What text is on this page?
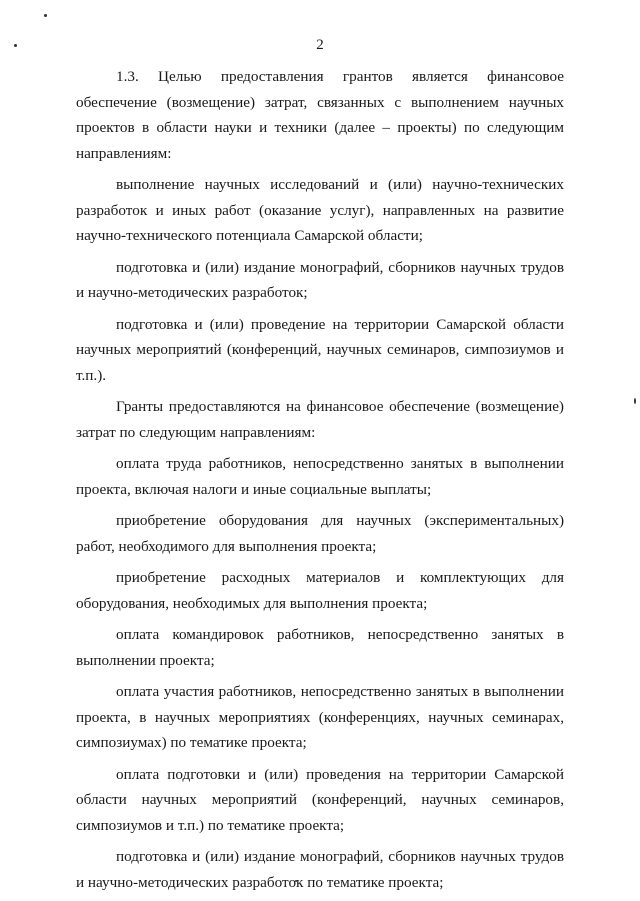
2

1.3. Целью предоставления грантов является финансовое обеспечение (возмещение) затрат, связанных с выполнением научных проектов в области науки и техники (далее – проекты) по следующим направлениям:

выполнение научных исследований и (или) научно-технических разработок и иных работ (оказание услуг), направленных на развитие научно-технического потенциала Самарской области;

подготовка и (или) издание монографий, сборников научных трудов и научно-методических разработок;

подготовка и (или) проведение на территории Самарской области научных мероприятий (конференций, научных семинаров, симпозиумов и т.п.).

Гранты предоставляются на финансовое обеспечение (возмещение) затрат по следующим направлениям:

оплата труда работников, непосредственно занятых в выполнении проекта, включая налоги и иные социальные выплаты;

приобретение оборудования для научных (экспериментальных) работ, необходимого для выполнения проекта;

приобретение расходных материалов и комплектующих для оборудования, необходимых для выполнения проекта;

оплата командировок работников, непосредственно занятых в выполнении проекта;

оплата участия работников, непосредственно занятых в выполнении проекта, в научных мероприятиях (конференциях, научных семинарах, симпозиумах) по тематике проекта;

оплата подготовки и (или) проведения на территории Самарской области научных мероприятий (конференций, научных семинаров, симпозиумов и т.п.) по тематике проекта;

подготовка и (или) издание монографий, сборников научных трудов и научно-методических разработок по тематике проекта;
